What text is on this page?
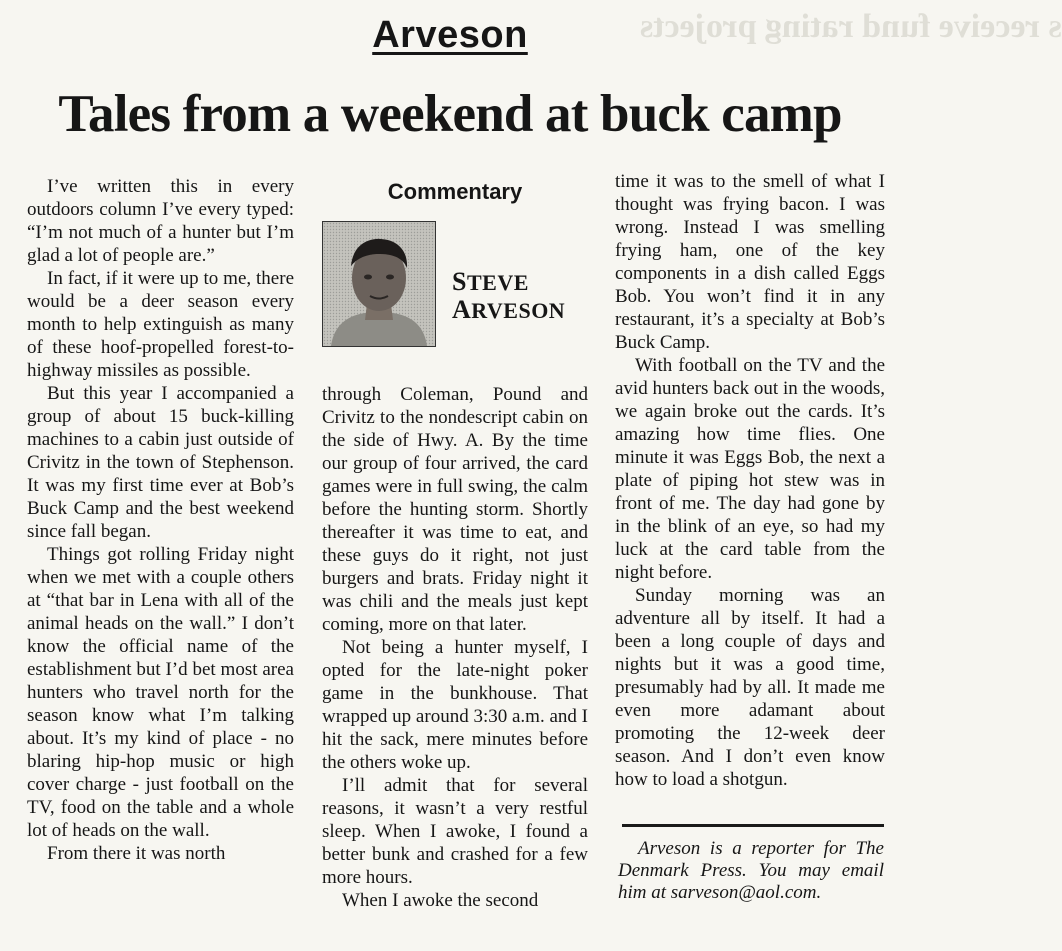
s receive fund rating projects
Arveson
Tales from a weekend at buck camp

I’ve written this in every outdoors column I’ve every typed: “I’m not much of a hunter but I’m glad a lot of people are.”

In fact, if it were up to me, there would be a deer season every month to help extinguish as many of these hoof-propelled forest-to-highway missiles as possible.

But this year I accompanied a group of about 15 buck-killing machines to a cabin just outside of Crivitz in the town of Stephenson. It was my first time ever at Bob’s Buck Camp and the best weekend since fall began.

Things got rolling Friday night when we met with a couple others at “that bar in Lena with all of the animal heads on the wall.” I don’t know the official name of the establishment but I’d bet most area hunters who travel north for the season know what I’m talking about. It’s my kind of place - no blaring hip-hop music or high cover charge - just football on the TV, food on the table and a whole lot of heads on the wall.

From there it was north

Commentary
STEVE
ARVESON

through Coleman, Pound and Crivitz to the nondescript cabin on the side of Hwy. A. By the time our group of four arrived, the card games were in full swing, the calm before the hunting storm. Shortly thereafter it was time to eat, and these guys do it right, not just burgers and brats. Friday night it was chili and the meals just kept coming, more on that later.

Not being a hunter myself, I opted for the late-night poker game in the bunkhouse. That wrapped up around 3:30 a.m. and I hit the sack, mere minutes before the others woke up.

I’ll admit that for several reasons, it wasn’t a very restful sleep. When I awoke, I found a better bunk and crashed for a few more hours.

When I awoke the second

time it was to the smell of what I thought was frying bacon. I was wrong. Instead I was smelling frying ham, one of the key components in a dish called Eggs Bob. You won’t find it in any restaurant, it’s a specialty at Bob’s Buck Camp.

With football on the TV and the avid hunters back out in the woods, we again broke out the cards. It’s amazing how time flies. One minute it was Eggs Bob, the next a plate of piping hot stew was in front of me. The day had gone by in the blink of an eye, so had my luck at the card table from the night before.

Sunday morning was an adventure all by itself. It had a been a long couple of days and nights but it was a good time, presumably had by all. It made me even more adamant about promoting the 12-week deer season. And I don’t even know how to load a shotgun.

Arveson is a reporter for The Denmark Press. You may email him at sarveson@aol.com.
